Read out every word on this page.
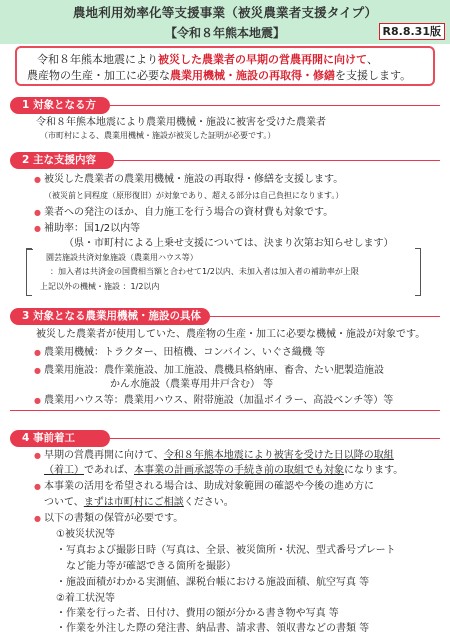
農地利用効率化等支援事業（被災農業者支援タイプ）
【令和８年熊本地震】	R8.8.31版
令和８年熊本地震により被災した農業者の早期の営農再開に向けて、
農産物の生産・加工に必要な農業用機械・施設の再取得・修繕を支援します。
1 対象となる方
令和８年熊本地震により農業用機械・施設に被害を受けた農業者
（市町村による、農業用機械・施設が被災した証明が必要です。）
2 主な支援内容
● 被災した農業者の農業用機械・施設の再取得・修繕を支援します。
（被災前と同程度（原形復旧）が対象であり、超える部分は自己負担になります。）
● 業者への発注のほか、自力施工を行う場合の資材費も対象です。
● 補助率：国1/2以内等
（県・市町村による上乗せ支援については、決まり次第お知らせします）
園芸施設共済対象施設（農業用ハウス等）
：加入者は共済金の国費相当額と合わせて1/2以内、未加入者は加入者の補助率が上限
上記以外の機械・施設 ：1/2以内
3 対象となる農業用機械・施設の具体例 被災した農業者が使用していた、農産物の生産・加工に必要な機械・施設が対象です。
● 農業用機械：トラクター、田植機、コンバイン、いぐさ織機 等
● 農業用施設：農作業施設、加工施設、農機具格納庫、畜舎、たい肥製造施設
かん水施設（農業専用井戸含む） 等
● 農業用ハウス等：農業用ハウス、附帯施設（加温ボイラー、高設ベンチ等）等
4 事前着工
● 早期の営農再開に向けて、令和８年熊本地震により被害を受けた日以降の取組
（着工）であれば、本事業の計画承認等の手続き前の取組でも対象になります。
● 本事業の活用を希望される場合は、助成対象範囲の確認や今後の進め方に
ついて、まずは市町村にご相談ください。
● 以下の書類の保管が必要です。
①被災状況等
・写真および撮影日時（写真は、全景、被災箇所・状況、型式番号プレート
など能力等が確認できる箇所を撮影）
・施設面積がわかる実測値、課税台帳における施設面積、航空写真 等
②着工状況等
・作業を行った者、日付け、費用の額が分かる書き物や写真 等
・作業を外注した際の発注書、納品書、請求書、領収書などの書類 等
